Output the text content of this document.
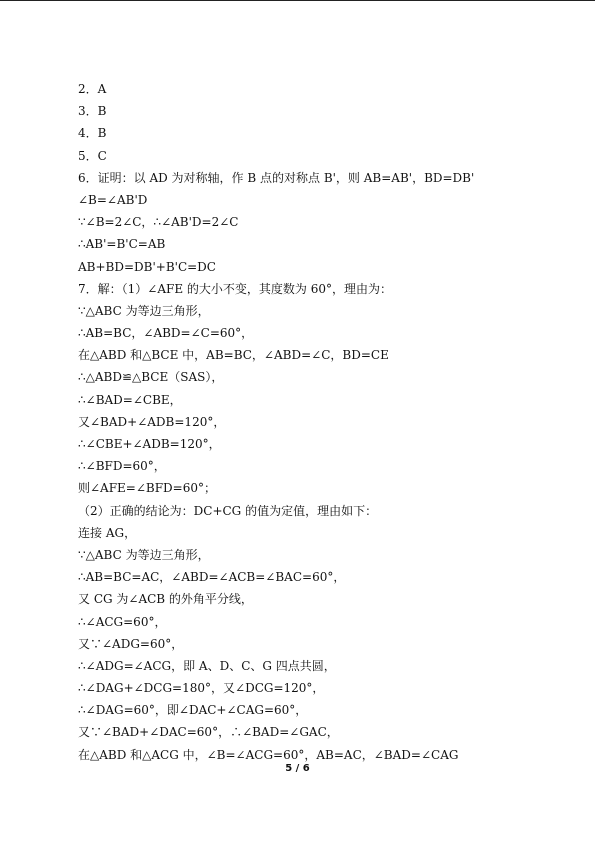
2．A
3．B
4．B
5．C
6．证明：以 AD 为对称轴，作 B 点的对称点 B'，则 AB=AB'，BD=DB'
∠B=∠AB'D
∵∠B=2∠C，∴∠AB'D=2∠C
∴AB'=B'C=AB
AB+BD=DB'+B'C=DC
7．解：（1）∠AFE 的大小不变，其度数为 60°，理由为：
∵△ABC 为等边三角形，
∴AB=BC，∠ABD=∠C=60°，
在△ABD 和△BCE 中，AB=BC，∠ABD=∠C，BD=CE
∴△ABD≌△BCE（SAS），
∴∠BAD=∠CBE，
又∠BAD+∠ADB=120°，
∴∠CBE+∠ADB=120°，
∴∠BFD=60°，
则∠AFE=∠BFD=60°；
（2）正确的结论为：DC+CG 的值为定值，理由如下：
连接 AG，
∵△ABC 为等边三角形，
∴AB=BC=AC，∠ABD=∠ACB=∠BAC=60°，
又 CG 为∠ACB 的外角平分线，
∴∠ACG=60°，
又∵∠ADG=60°，
∴∠ADG=∠ACG，即 A、D、C、G 四点共圆，
∴∠DAG+∠DCG=180°，又∠DCG=120°，
∴∠DAG=60°，即∠DAC+∠CAG=60°，
又∵∠BAD+∠DAC=60°，∴∠BAD=∠GAC，
在△ABD 和△ACG 中，∠B=∠ACG=60°，AB=AC，∠BAD=∠CAG
5 / 6
